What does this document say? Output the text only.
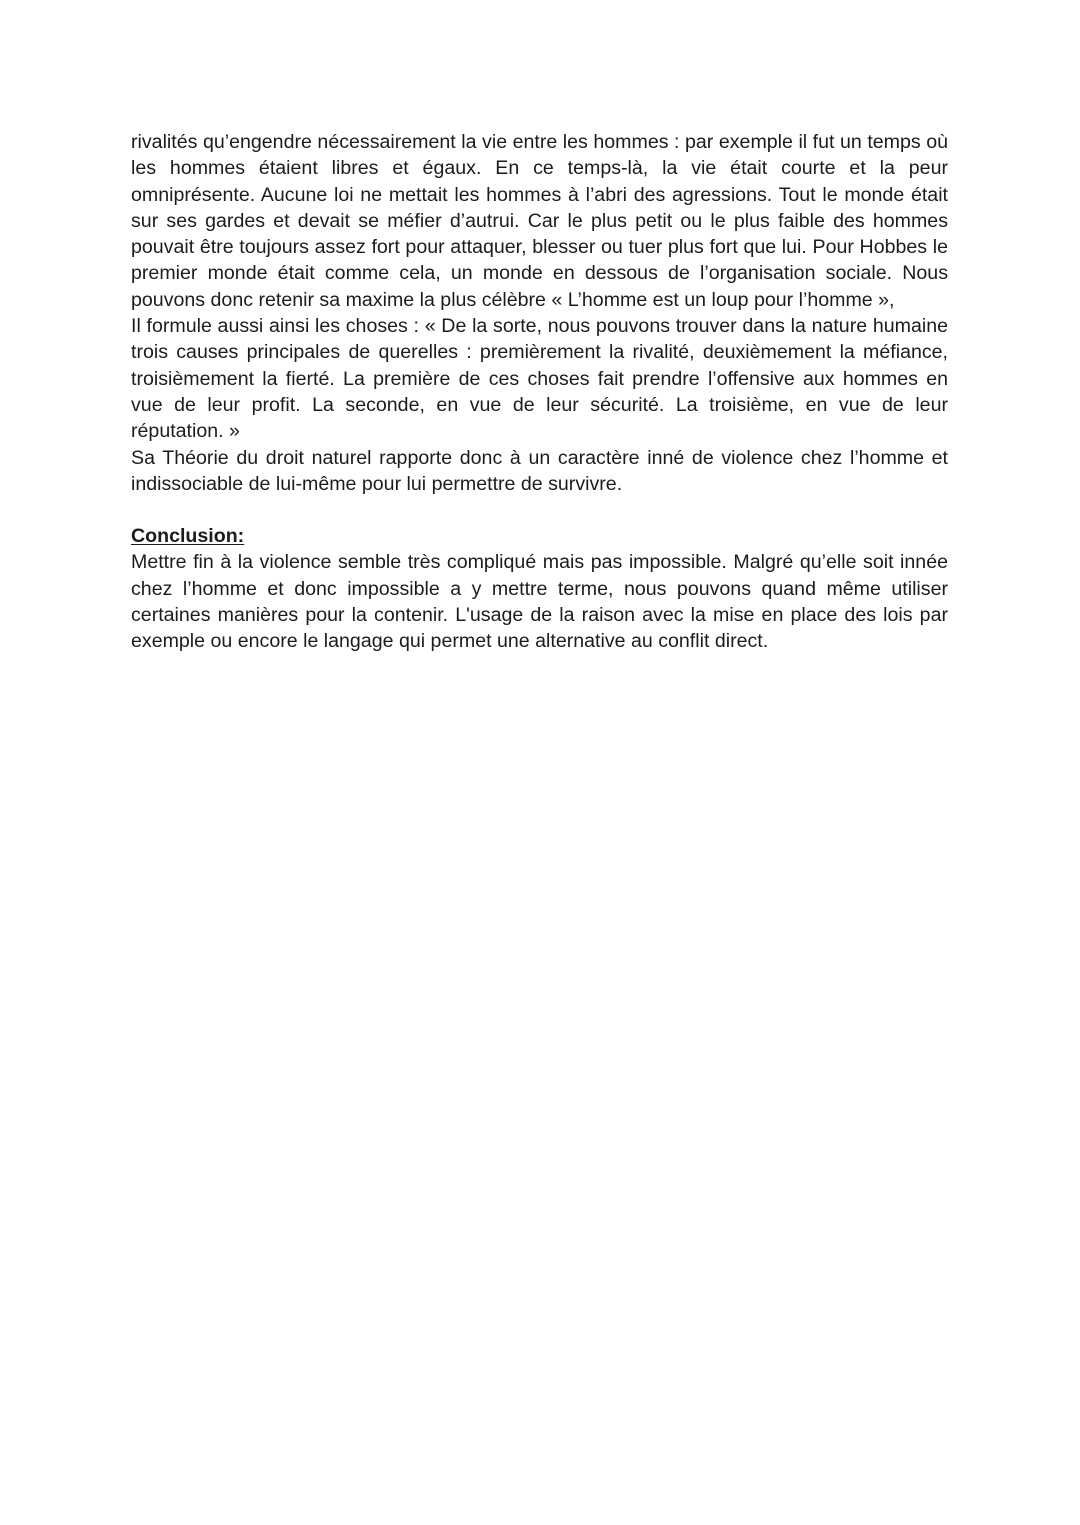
rivalités qu’engendre nécessairement la vie entre les hommes : par exemple il fut un temps où les hommes étaient libres et égaux. En ce temps-là, la vie était courte et la peur omniprésente. Aucune loi ne mettait les hommes à l’abri des agressions. Tout le monde était sur ses gardes et devait se méfier d’autrui. Car le plus petit ou le plus faible des hommes pouvait être toujours assez fort pour attaquer, blesser ou tuer plus fort que lui. Pour Hobbes le premier monde était comme cela, un monde en dessous de l’organisation sociale. Nous pouvons donc retenir sa maxime la plus célèbre « L’homme est un loup pour l’homme »,

Il formule aussi ainsi les choses : « De la sorte, nous pouvons trouver dans la nature humaine trois causes principales de querelles : premièrement la rivalité, deuxièmement la méfiance, troisièmement la fierté. La première de ces choses fait prendre l’offensive aux hommes en vue de leur profit. La seconde, en vue de leur sécurité. La troisième, en vue de leur réputation. »

Sa Théorie du droit naturel rapporte donc à un caractère inné de violence chez l’homme et indissociable de lui-même pour lui permettre de survivre.

Conclusion:

Mettre fin à la violence semble très compliqué mais pas impossible. Malgré qu’elle soit innée chez l’homme et donc impossible a y mettre terme, nous pouvons quand même utiliser certaines manières pour la contenir. L'usage de la raison avec la mise en place des lois par exemple ou encore le langage qui permet une alternative au conflit direct.
